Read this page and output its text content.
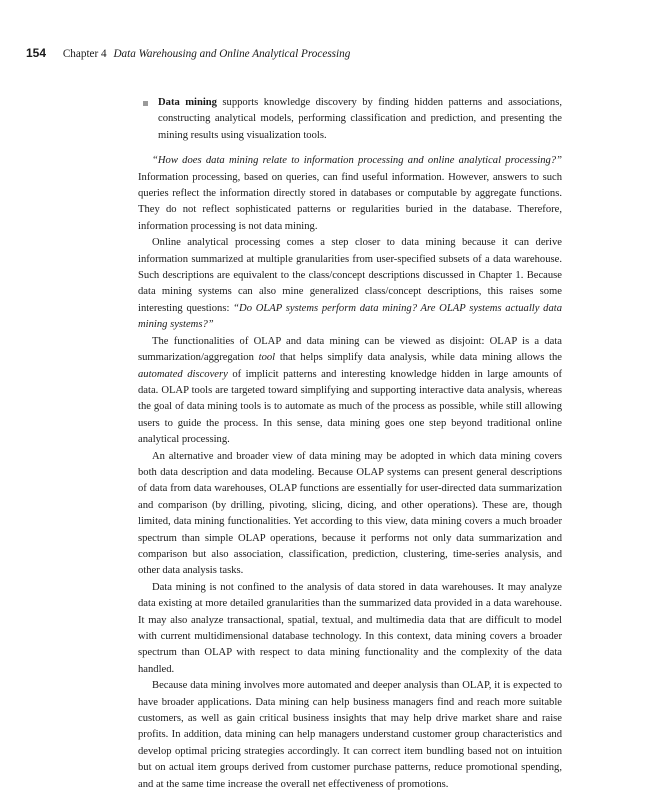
154 Chapter 4 Data Warehousing and Online Analytical Processing
Data mining supports knowledge discovery by finding hidden patterns and associations, constructing analytical models, performing classification and prediction, and presenting the mining results using visualization tools.

“How does data mining relate to information processing and online analytical processing?” Information processing, based on queries, can find useful information. However, answers to such queries reflect the information directly stored in databases or computable by aggregate functions. They do not reflect sophisticated patterns or regularities buried in the database. Therefore, information processing is not data mining.

Online analytical processing comes a step closer to data mining because it can derive information summarized at multiple granularities from user-specified subsets of a data warehouse. Such descriptions are equivalent to the class/concept descriptions discussed in Chapter 1. Because data mining systems can also mine generalized class/concept descriptions, this raises some interesting questions: “Do OLAP systems perform data mining? Are OLAP systems actually data mining systems?”

The functionalities of OLAP and data mining can be viewed as disjoint: OLAP is a data summarization/aggregation tool that helps simplify data analysis, while data mining allows the automated discovery of implicit patterns and interesting knowledge hidden in large amounts of data. OLAP tools are targeted toward simplifying and supporting interactive data analysis, whereas the goal of data mining tools is to automate as much of the process as possible, while still allowing users to guide the process. In this sense, data mining goes one step beyond traditional online analytical processing.

An alternative and broader view of data mining may be adopted in which data mining covers both data description and data modeling. Because OLAP systems can present general descriptions of data from data warehouses, OLAP functions are essentially for user-directed data summarization and comparison (by drilling, pivoting, slicing, dicing, and other operations). These are, though limited, data mining functionalities. Yet according to this view, data mining covers a much broader spectrum than simple OLAP operations, because it performs not only data summarization and comparison but also association, classification, prediction, clustering, time-series analysis, and other data analysis tasks.

Data mining is not confined to the analysis of data stored in data warehouses. It may analyze data existing at more detailed granularities than the summarized data provided in a data warehouse. It may also analyze transactional, spatial, textual, and multimedia data that are difficult to model with current multidimensional database technology. In this context, data mining covers a broader spectrum than OLAP with respect to data mining functionality and the complexity of the data handled.

Because data mining involves more automated and deeper analysis than OLAP, it is expected to have broader applications. Data mining can help business managers find and reach more suitable customers, as well as gain critical business insights that may help drive market share and raise profits. In addition, data mining can help managers understand customer group characteristics and develop optimal pricing strategies accordingly. It can correct item bundling based not on intuition but on actual item groups derived from customer purchase patterns, reduce promotional spending, and at the same time increase the overall net effectiveness of promotions.
